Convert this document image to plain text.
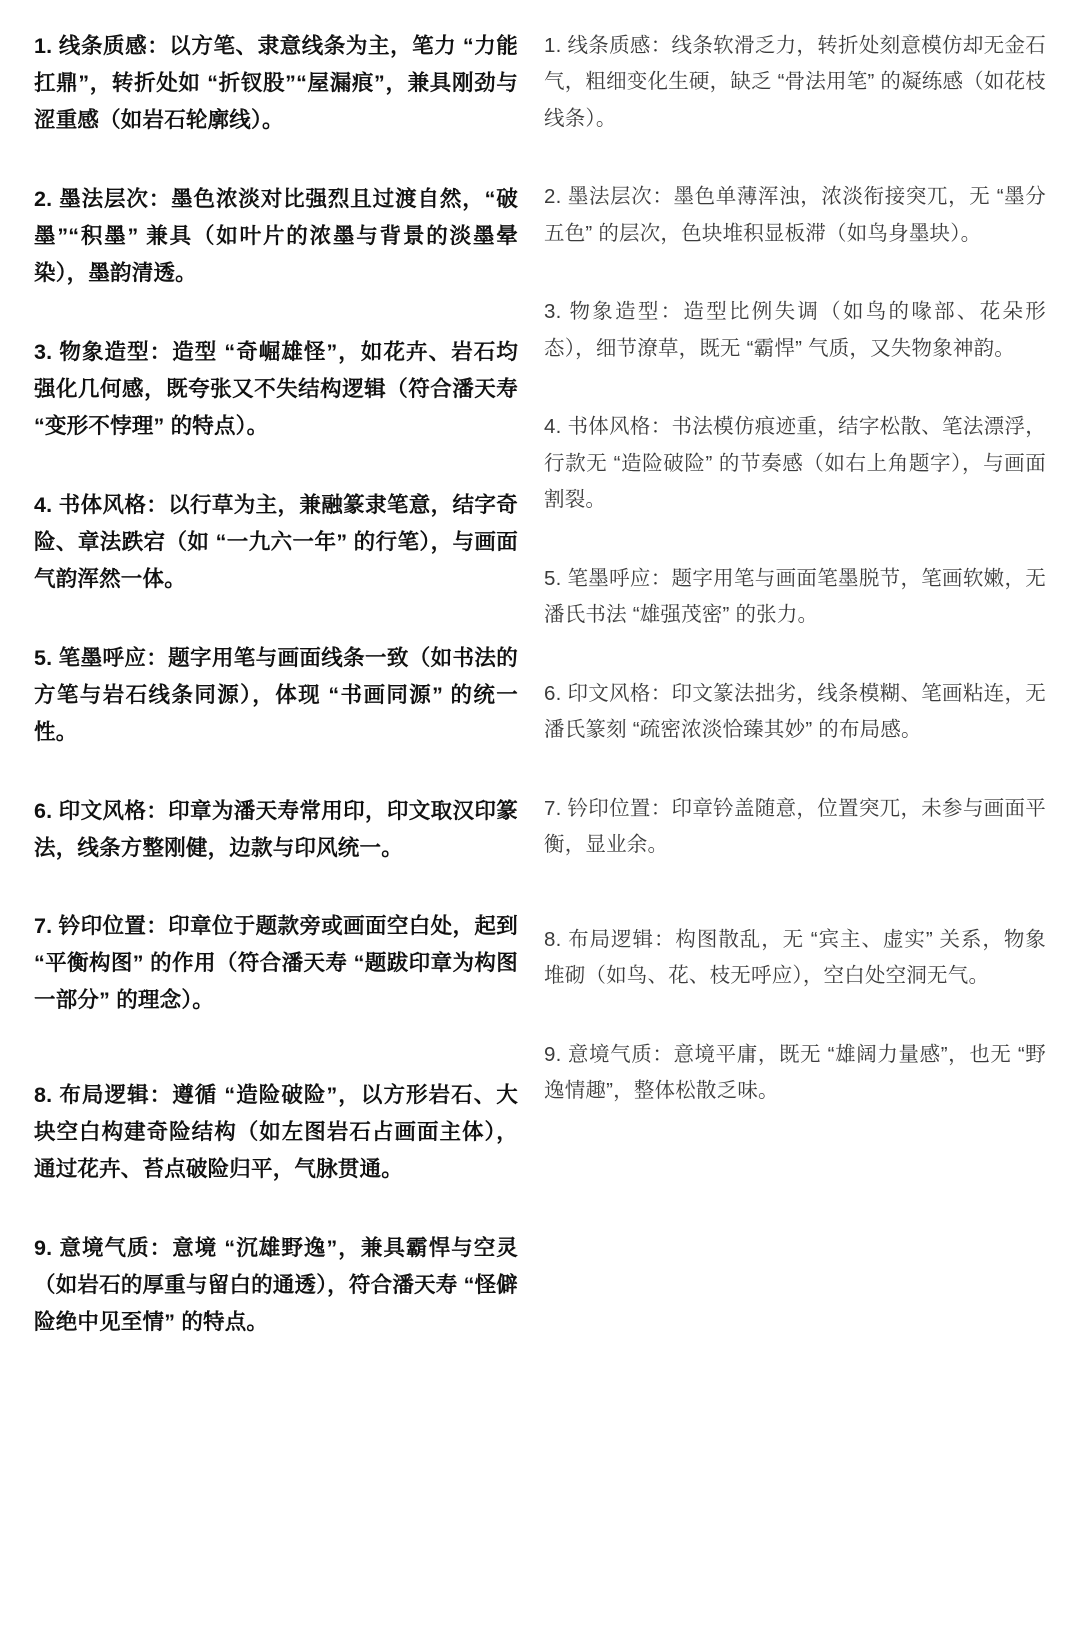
1. 线条质感：以方笔、隶意线条为主，笔力 “力能扛鼎”，转折处如 “折钗股”“屋漏痕”，兼具刚劲与涩重感（如岩石轮廓线）。

2. 墨法层次：墨色浓淡对比强烈且过渡自然，“破墨”“积墨” 兼具（如叶片的浓墨与背景的淡墨晕染），墨韵清透。

3. 物象造型：造型 “奇崛雄怪”，如花卉、岩石均强化几何感，既夸张又不失结构逻辑（符合潘天寿 “变形不悖理” 的特点）。

4. 书体风格：以行草为主，兼融篆隶笔意，结字奇险、章法跌宕（如 “一九六一年” 的行笔），与画面气韵浑然一体。

5. 笔墨呼应：题字用笔与画面线条一致（如书法的方笔与岩石线条同源），体现 “书画同源” 的统一性。

6. 印文风格：印章为潘天寿常用印，印文取汉印篆法，线条方整刚健，边款与印风统一。

7. 钤印位置：印章位于题款旁或画面空白处，起到 “平衡构图” 的作用（符合潘天寿 “题跋印章为构图一部分” 的理念）。

8. 布局逻辑：遵循 “造险破险”，以方形岩石、大块空白构建奇险结构（如左图岩石占画面主体），通过花卉、苔点破险归平，气脉贯通。

9. 意境气质：意境 “沉雄野逸”，兼具霸悍与空灵（如岩石的厚重与留白的通透），符合潘天寿 “怪僻险绝中见至情” 的特点。

1. 线条质感：线条软滑乏力，转折处刻意模仿却无金石气，粗细变化生硬，缺乏 “骨法用笔” 的凝练感（如花枝线条）。

2. 墨法层次：墨色单薄浑浊，浓淡衔接突兀，无 “墨分五色” 的层次，色块堆积显板滞（如鸟身墨块）。

3. 物象造型：造型比例失调（如鸟的喙部、花朵形态），细节潦草，既无 “霸悍” 气质，又失物象神韵。

4. 书体风格：书法模仿痕迹重，结字松散、笔法漂浮，行款无 “造险破险” 的节奏感（如右上角题字），与画面割裂。

5. 笔墨呼应：题字用笔与画面笔墨脱节，笔画软嫩，无潘氏书法 “雄强茂密” 的张力。

6. 印文风格：印文篆法拙劣，线条模糊、笔画粘连，无潘氏篆刻 “疏密浓淡恰臻其妙” 的布局感。

7. 钤印位置：印章钤盖随意，位置突兀，未参与画面平衡，显业余。

8. 布局逻辑：构图散乱，无 “宾主、虚实” 关系，物象堆砌（如鸟、花、枝无呼应），空白处空洞无气。

9. 意境气质：意境平庸，既无 “雄阔力量感”，也无 “野逸情趣”，整体松散乏味。
